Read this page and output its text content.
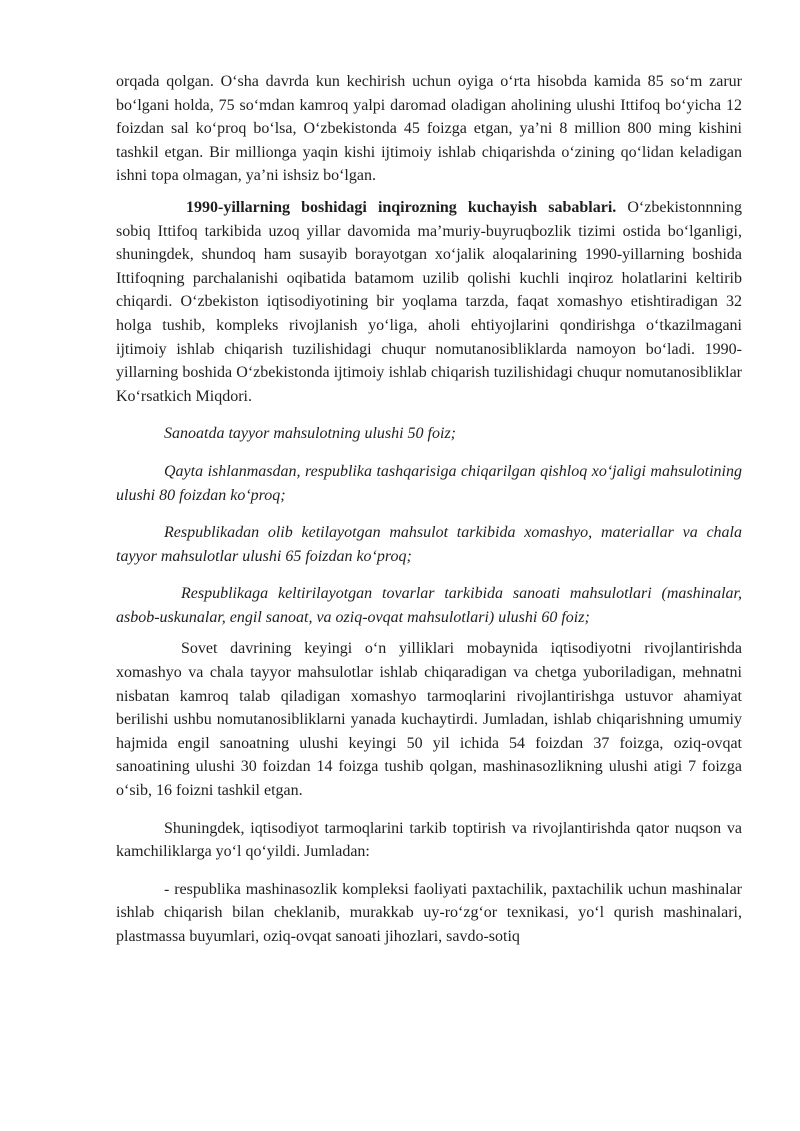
orqada qolgan. O‘sha davrda kun kechirish uchun oyiga o‘rta hisobda kamida 85 so‘m zarur bo‘lgani holda, 75 so‘mdan kamroq yalpi daromad oladigan aholining ulushi Ittifoq bo‘yicha 12 foizdan sal ko‘proq bo‘lsa, O‘zbekistonda 45 foizga etgan, ya’ni 8 million 800 ming kishini tashkil etgan. Bir millionga yaqin kishi ijtimoiy ishlab chiqarishda o‘zining qo‘lidan keladigan ishni topa olmagan, ya’ni ishsiz bo‘lgan.

1990-yillarning boshidagi inqirozning kuchayish sabablari. O‘zbekistonnning sobiq Ittifoq tarkibida uzoq yillar davomida ma’muriy-buyruqbozlik tizimi ostida bo‘lganligi, shuningdek, shundoq ham susayib borayotgan xo‘jalik aloqalarining 1990-yillarning boshida Ittifoqning parchalanishi oqibatida batamom uzilib qolishi kuchli inqiroz holatlarini keltirib chiqardi. O‘zbekiston iqtisodiyotining bir yoqlama tarzda, faqat xomashyo etishtiradigan 32 holga tushib, kompleks rivojlanish yo‘liga, aholi ehtiyojlarini qondirishga o‘tkazilmagani ijtimoiy ishlab chiqarish tuzilishidagi chuqur nomutanosibliklarda namoyon bo‘ladi. 1990-yillarning boshida O‘zbekistonda ijtimoiy ishlab chiqarish tuzilishidagi chuqur nomutanosibliklar Ko‘rsatkich Miqdori.

Sanoatda tayyor mahsulotning ulushi 50 foiz;

Qayta ishlanmasdan, respublika tashqarisiga chiqarilgan qishloq xo‘jaligi mahsulotining ulushi 80 foizdan ko‘proq;

Respublikadan olib ketilayotgan mahsulot tarkibida xomashyo, materiallar va chala tayyor mahsulotlar ulushi 65 foizdan ko‘proq;

Respublikaga keltirilayotgan tovarlar tarkibida sanoati mahsulotlari (mashinalar, asbob-uskunalar, engil sanoat, va oziq-ovqat mahsulotlari) ulushi 60 foiz;

Sovet davrining keyingi o‘n yilliklari mobaynida iqtisodiyotni rivojlantirishda xomashyo va chala tayyor mahsulotlar ishlab chiqaradigan va chetga yuboriladigan, mehnatni nisbatan kamroq talab qiladigan xomashyo tarmoqlarini rivojlantirishga ustuvor ahamiyat berilishi ushbu nomutanosibliklarni yanada kuchaytirdi. Jumladan, ishlab chiqarishning umumiy hajmida engil sanoatning ulushi keyingi 50 yil ichida 54 foizdan 37 foizga, oziq-ovqat sanoatining ulushi 30 foizdan 14 foizga tushib qolgan, mashinasozlikning ulushi atigi 7 foizga o‘sib, 16 foizni tashkil etgan.

Shuningdek, iqtisodiyot tarmoqlarini tarkib toptirish va rivojlantirishda qator nuqson va kamchiliklarga yo‘l qo‘yildi. Jumladan:

- respublika mashinasozlik kompleksi faoliyati paxtachilik, paxtachilik uchun mashinalar ishlab chiqarish bilan cheklanib, murakkab uy-ro‘zg‘or texnikasi, yo‘l qurish mashinalari, plastmassa buyumlari, oziq-ovqat sanoati jihozlari, savdo-sotiq
